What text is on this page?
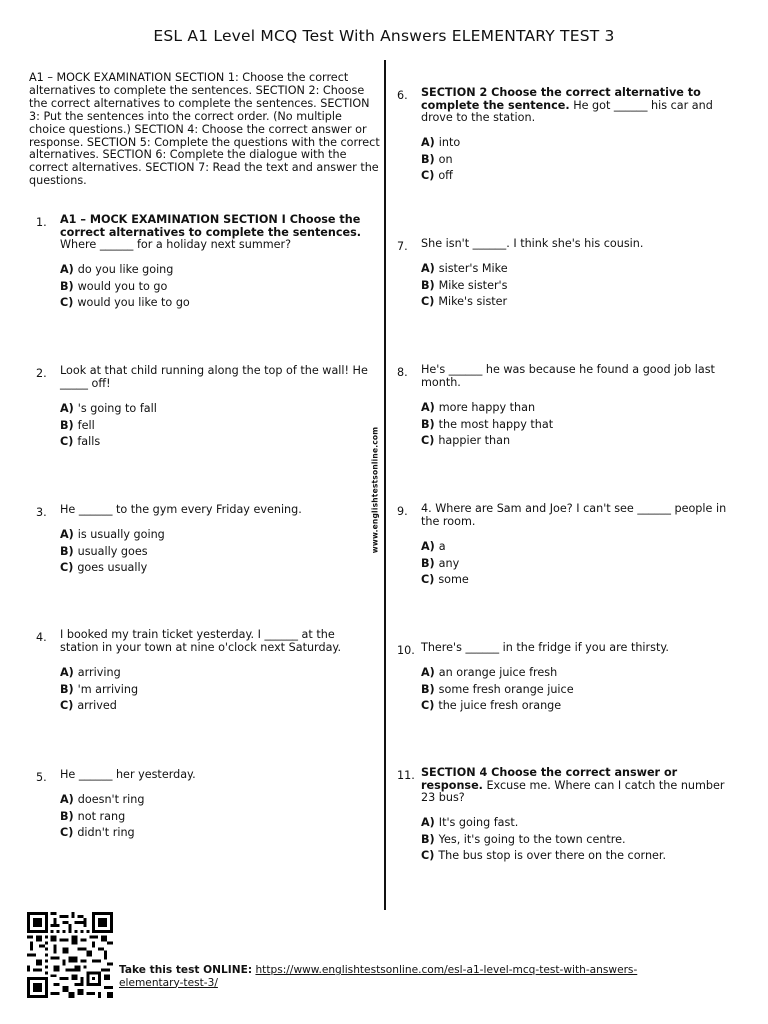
ESL A1 Level MCQ Test With Answers ELEMENTARY TEST 3
www.englishtestsonline.com
A1 – MOCK EXAMINATION SECTION 1: Choose the correct alternatives to complete the sentences. SECTION 2: Choose the correct alternatives to complete the sentences. SECTION 3: Put the sentences into the correct order. (No multiple choice questions.) SECTION 4: Choose the correct answer or response. SECTION 5: Complete the questions with the correct alternatives. SECTION 6: Complete the dialogue with the correct alternatives. SECTION 7: Read the text and answer the questions.
1.	A1 – MOCK EXAMINATION SECTION I Choose the correct alternatives to complete the sentences. Where ______ for a holiday next summer?
A) do you like going
B) would you to go
C) would you like to go
2.	Look at that child running along the top of the wall! He _____ off!
A) 's going to fall
B) fell
C) falls
3.	He ______ to the gym every Friday evening.
A) is usually going
B) usually goes
C) goes usually
4.	I booked my train ticket yesterday. I ______ at the station in your town at nine o'clock next Saturday.
A) arriving
B) 'm arriving
C) arrived
5.	He ______ her yesterday.
A) doesn't ring
B) not rang
C) didn't ring
6.	SECTION 2 Choose the correct alternative to complete the sentence. He got ______ his car and drove to the station.
A) into
B) on
C) off
7.	She isn't ______. I think she's his cousin.
A) sister's Mike
B) Mike sister's
C) Mike's sister
8.	He's ______ he was because he found a good job last month.
A) more happy than
B) the most happy that
C) happier than
9.	4. Where are Sam and Joe? I can't see ______ people in the room.
A) a
B) any
C) some
10. There's ______ in the fridge if you are thirsty.
A) an orange juice fresh
B) some fresh orange juice
C) the juice fresh orange
11. SECTION 4 Choose the correct answer or response. Excuse me. Where can I catch the number 23 bus?
A) It's going fast.
B) Yes, it's going to the town centre.
C) The bus stop is over there on the corner.
Take this test ONLINE: https://www.englishtestsonline.com/esl-a1-level-mcq-test-with-answers-elementary-test-3/
